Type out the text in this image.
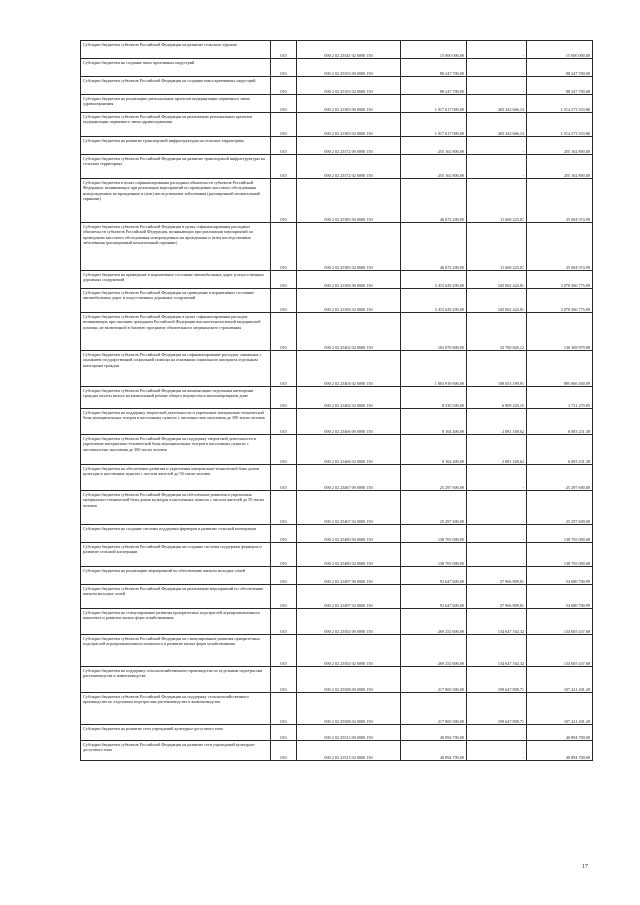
Субсидии бюджетам субъектов Российской Федерации на развитие сельского туризма	010	000 2 02 25341 02 0000 150	15 000 000,00	-	15 000 000,00

Субсидии бюджетам на создание школ креативных индустрий	010	000 2 02 25353 00 0000 150	88 247 700,00	-	88 247 700,00

Субсидии бюджетам субъектов Российской Федерации на создание школ креативных индустрий	010	000 2 02 25353 02 0000 150	88 247 700,00	-	88 247 700,00

Субсидии бюджетам на реализацию региональных проектов модернизации первичного звена здравоохранения	010	000 2 02 25365 00 0000 150	1 917 617 000,00	403 343 666,14	1 514 273 333,86

Субсидии бюджетам субъектов Российской Федерации на реализацию региональных проектов модернизации первичного звена здравоохранения	010	000 2 02 25365 02 0000 150	1 917 617 000,00	403 343 666,14	1 514 273 333,86

Субсидии бюджетам на развитие транспортной инфраструктуры на сельских территориях	010	000 2 02 25372 00 0000 150	255 162 800,00	-	255 162 800,00

Субсидии бюджетам субъектов Российской Федерации на развитие транспортной инфраструктуры на сельских территориях	010	000 2 02 25372 02 0000 150	255 162 800,00	-	255 162 800,00

Субсидии бюджетам в целях софинансирования расходных обязательств субъектов Российской Федерации, возникающих при реализации мероприятий по проведению массового обследования новорожденных на врожденные и (или) наследственные заболевания (расширенный неонатальный скрининг)	010	000 2 02 25385 00 0000 150	46 673 200,00	11 668 225,01	35 004 974,99

Субсидии бюджетам субъектов Российской Федерации в целях софинансирования расходных обязательств субъектов Российской Федерации, возникающих при реализации мероприятий по проведению массового обследования новорожденных на врожденные и (или) наследственные заболевания (расширенный неонатальный скрининг)	010	000 2 02 25385 02 0000 150	46 673 200,00	11 668 225,01	35 004 974,99

Субсидии бюджетам на приведение в нормативное состояние автомобильных дорог и искусственных дорожных сооружений	010	000 2 02 25394 00 0000 150	3 415 629 200,00	345 062 424,91	3 070 566 775,09

Субсидии бюджетам субъектов Российской Федерации на приведение в нормативное состояние автомобильных дорог и искусственных дорожных сооружений	010	000 2 02 25394 02 0000 150	3 415 629 200,00	345 062 424,91	3 070 566 775,09

Субсидии бюджетам субъектов Российской Федерации в целях софинансирования расходов, возникающих при оказании гражданам Российской Федерации высокотехнологичной медицинской помощи, не включенной в базовую программу обязательного медицинского страхования	010	000 2 02 25402 02 0000 150	163 070 800,00	32 700 820,12	130 369 979,88

Субсидии бюджетам субъектов Российской Федерации на софинансирование расходов, связанных с оказанием государственной социальной помощи на основании социального контракта отдельным категориям граждан	010	000 2 02 25404 02 0000 150	1 003 919 600,00	108 053 199,91	895 866 400,09

Субсидии бюджетам субъектов Российской Федерации на компенсацию отдельным категориям граждан оплаты взноса на капитальный ремонт общего имущества в многоквартирном доме	010	000 2 02 25462 02 0000 150	8 530 500,00	6 809 229,15	1 721 270,85

Субсидии бюджетам на поддержку творческой деятельности и укрепление материально-технической базы муниципальных театров в населенных пунктах с численностью населения до 300 тысяч человек	010	000 2 02 25466 00 0000 150	8 164 400,00	2 081 168,62	6 083 231,38

Субсидии бюджетам субъектов Российской Федерации на поддержку творческой деятельности и укрепление материально-технической базы муниципальных театров в населенных пунктах с численностью населения до 300 тысяч человек	010	000 2 02 25466 02 0000 150	8 164 400,00	2 081 168,62	6 083 231,38

Субсидии бюджетам на обеспечение развития и укрепления материально-технической базы домов культуры в населенных пунктах с числом жителей до 50 тысяч человек	010	000 2 02 25467 00 0000 150	25 297 600,00	-	25 297 600,00

Субсидии бюджетам субъектов Российской Федерации на обеспечение развития и укрепления материально-технической базы домов культуры в населенных пунктах с числом жителей до 50 тысяч человек	010	000 2 02 25467 02 0000 150	25 297 600,00	-	25 297 600,00

Субсидии бюджетам на создание системы поддержки фермеров и развитие сельской кооперации	010	000 2 02 25480 00 0000 150	138 705 000,00	-	138 705 000,00

Субсидии бюджетам субъектов Российской Федерации на создание системы поддержки фермеров и развитие сельской кооперации	010	000 2 02 25480 02 0000 150	138 705 000,00	-	138 705 000,00

Субсидии бюджетам на реализацию мероприятий по обеспечению жильем молодых семей	010	000 2 02 25497 00 0000 150	92 647 600,00	37 966 899,01	54 680 700,99

Субсидии бюджетам субъектов Российской Федерации на реализацию мероприятий по обеспечению жильем молодых семей	010	000 2 02 25497 02 0000 150	92 647 600,00	37 966 899,01	54 680 700,99

Субсидии бюджетам на стимулирование развития приоритетных подотраслей агропромышленного комплекса и развитие малых форм хозяйствования	010	000 2 02 25502 00 0000 150	269 252 600,00	134 647 162,32	134 605 437,68

Субсидии бюджетам субъектов Российской Федерации на стимулирование развития приоритетных подотраслей агропромышленного комплекса и развитие малых форм хозяйствования	010	000 2 02 25502 02 0000 150	269 252 600,00	134 647 162,32	134 605 437,68

Субсидии бюджетам на поддержку сельскохозяйственного производства по отдельным подотраслям растениеводства и животноводства	010	000 2 02 25508 00 0000 150	217 069 300,00	109 647 898,71	107 421 201,29

Субсидии бюджетам субъектов Российской Федерации на поддержку сельскохозяйственного производства по отдельным подотраслям растениеводства и животноводства	010	000 2 02 25508 02 0000 150	217 069 300,00	109 647 898,71	107 421 201,29

Субсидии бюджетам на развитие сети учреждений культурно-досугового типа	010	000 2 02 25513 00 0000 150	40 894 700,00	-	40 894 700,00

Субсидии бюджетам субъектов Российской Федерации на развитие сети учреждений культурно-досугового типа	010	000 2 02 25513 02 0000 150	40 894 700,00	-	40 894 700,00
17
